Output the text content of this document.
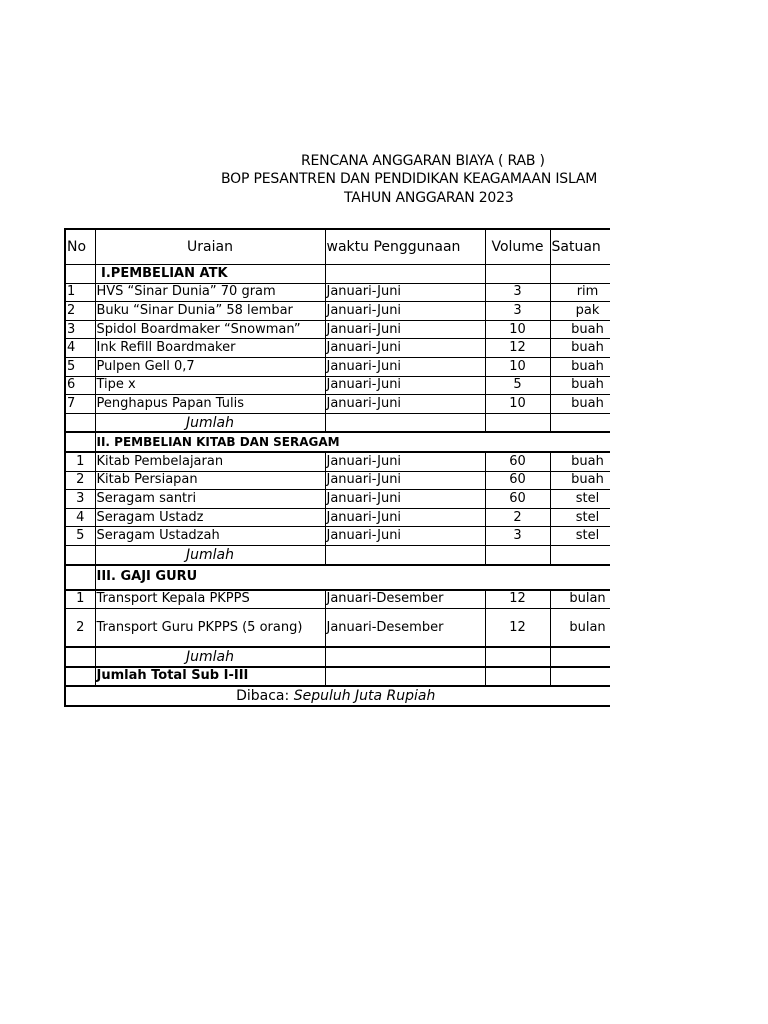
RENCANA ANGGARAN BIAYA ( RAB )
BOP PESANTREN DAN PENDIDIKAN KEAGAMAAN ISLAM
TAHUN ANGGARAN 2023
No	Uraian	waktu Penggunaan	Volume	Satuan
	I.PEMBELIAN ATK			
1	HVS “Sinar Dunia” 70 gram	Januari-Juni	3	rim
2	Buku “Sinar Dunia” 58 lembar	Januari-Juni	3	pak
3	Spidol Boardmaker “Snowman”	Januari-Juni	10	buah
4	Ink Refill Boardmaker	Januari-Juni	12	buah
5	Pulpen Gell 0,7	Januari-Juni	10	buah
6	Tipe x	Januari-Juni	5	buah
7	Penghapus Papan Tulis	Januari-Juni	10	buah
	Jumlah			
	II. PEMBELIAN KITAB DAN SERAGAM			
1	Kitab Pembelajaran	Januari-Juni	60	buah
2	Kitab Persiapan	Januari-Juni	60	buah
3	Seragam santri	Januari-Juni	60	stel
4	Seragam Ustadz	Januari-Juni	2	stel
5	Seragam Ustadzah	Januari-Juni	3	stel
	Jumlah			
	III. GAJI GURU			
1	Transport Kepala PKPPS	Januari-Desember	12	bulan
2	Transport Guru PKPPS (5 orang)	Januari-Desember	12	bulan
	Jumlah			
	Jumlah Total Sub I-III			
Dibaca: Sepuluh Juta Rupiah				
